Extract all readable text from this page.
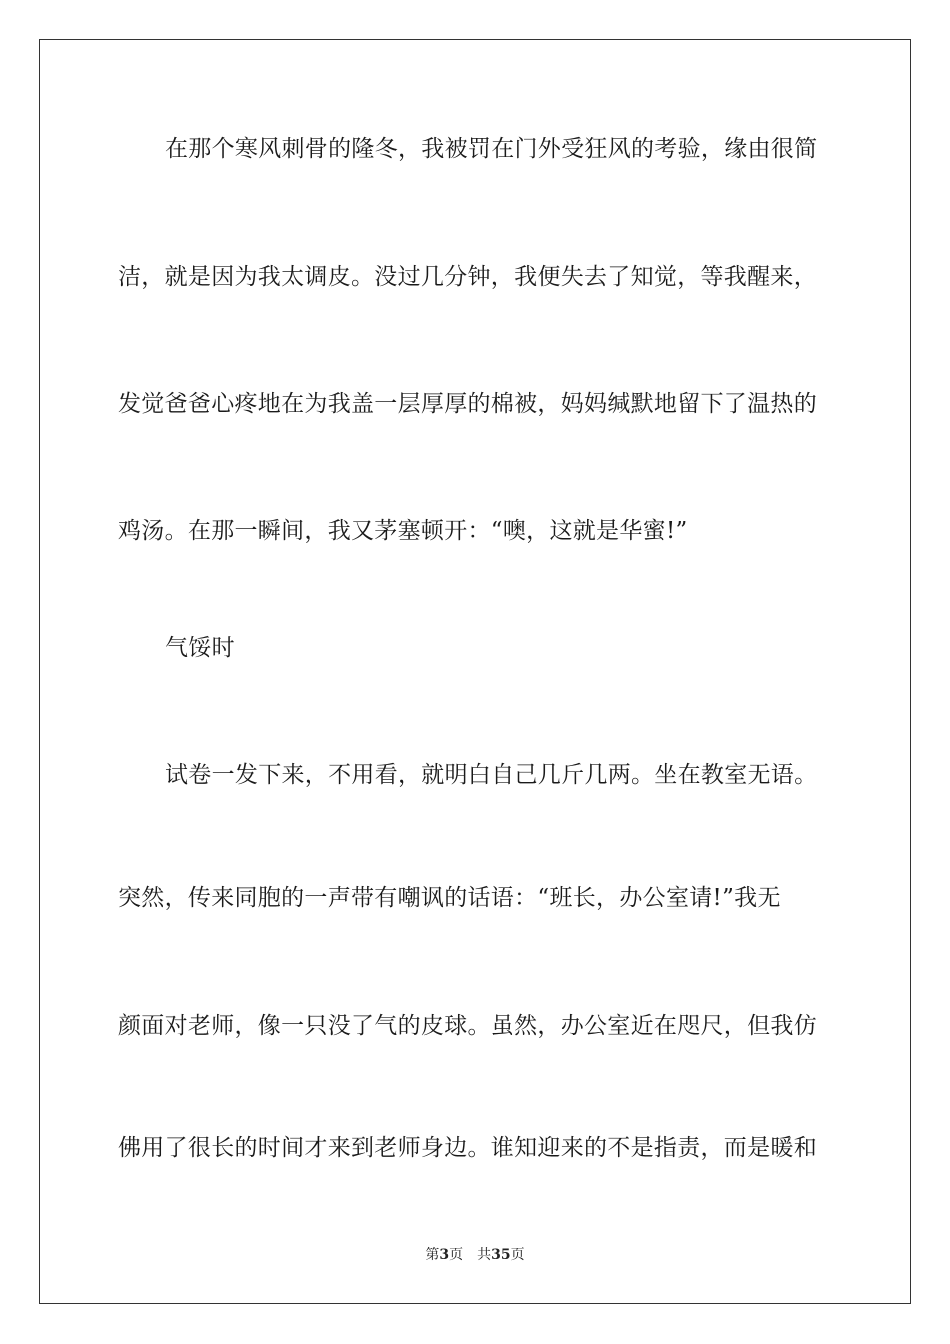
在那个寒风刺骨的隆冬，我被罚在门外受狂风的考验，缘由很简
洁，就是因为我太调皮。没过几分钟，我便失去了知觉，等我醒来，
发觉爸爸心疼地在为我盖一层厚厚的棉被，妈妈缄默地留下了温热的
鸡汤。在那一瞬间，我又茅塞顿开：“噢，这就是华蜜!”
气馁时
试卷一发下来，不用看，就明白自己几斤几两。坐在教室无语。
突然，传来同胞的一声带有嘲讽的话语：“班长，办公室请!”我无
颜面对老师，像一只没了气的皮球。虽然，办公室近在咫尺，但我仿
佛用了很长的时间才来到老师身边。谁知迎来的不是指责，而是暖和
第3页 共35页
